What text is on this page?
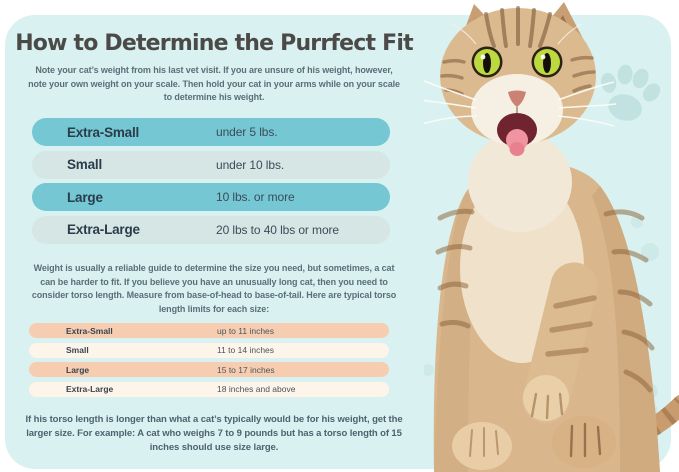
How to Determine the Purrfect Fit
Note your cat’s weight from his last vet visit. If you are unsure of his weight, however, note your own weight on your scale. Then hold your cat in your arms while on your scale to determine his weight.
Extra-Small	under 5 lbs.
Small	under 10 lbs.
Large	10 lbs. or more
Extra-Large	20 lbs to 40 lbs or more
Weight is usually a reliable guide to determine the size you need, but sometimes, a cat can be harder to fit. If you believe you have an unusually long cat, then you need to consider torso length. Measure from base-of-head to base-of-tail. Here are typical torso length limits for each size:
Extra-Small	up to 11 inches
Small	11 to 14 inches
Large	15 to 17 inches
Extra-Large	18 inches and above
If his torso length is longer than what a cat’s typically would be for his weight, get the larger size. For example: A cat who weighs 7 to 9 pounds but has a torso length of 15 inches should use size large.
